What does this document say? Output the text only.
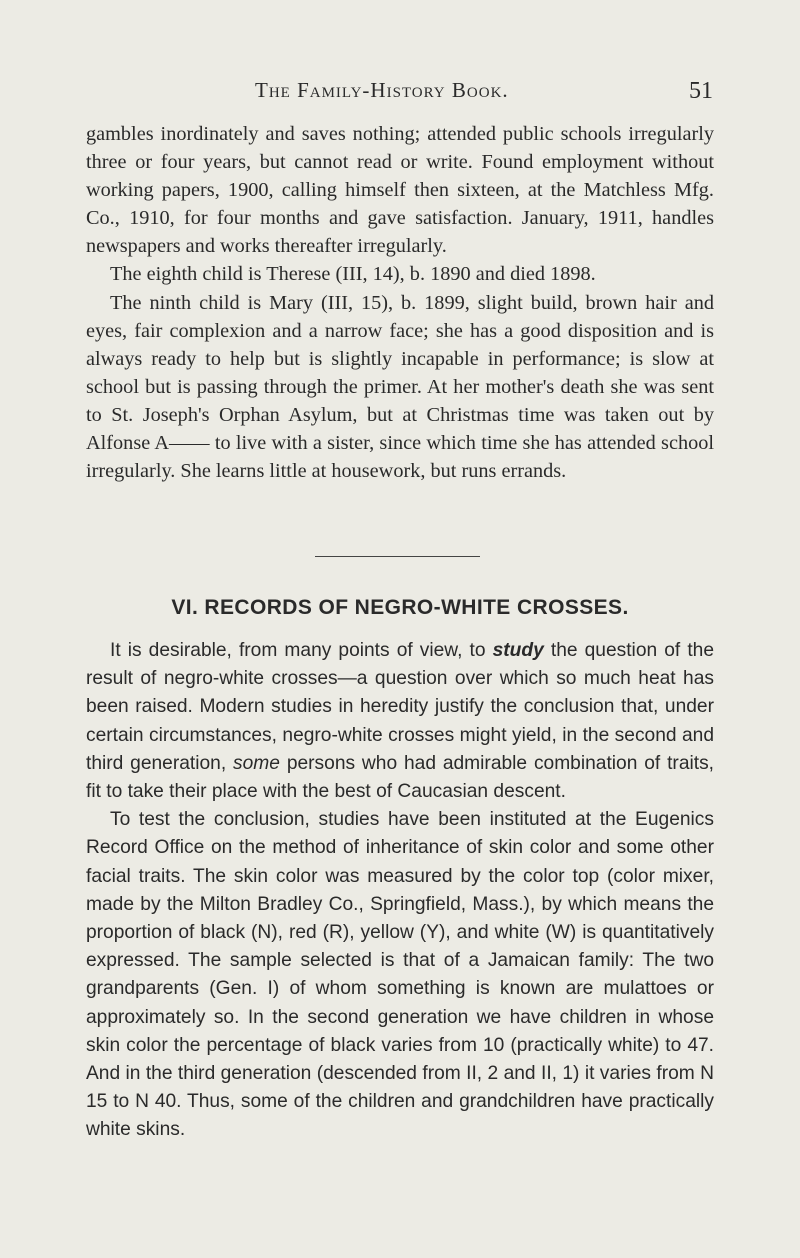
The Family-History Book.	51

gambles inordinately and saves nothing; attended public schools irregularly three or four years, but cannot read or write. Found employment without working papers, 1900, calling himself then sixteen, at the Matchless Mfg. Co., 1910, for four months and gave satisfaction. January, 1911, handles newspapers and works thereafter irregularly.

The eighth child is Therese (III, 14), b. 1890 and died 1898.

The ninth child is Mary (III, 15), b. 1899, slight build, brown hair and eyes, fair complexion and a narrow face; she has a good disposition and is always ready to help but is slightly incapable in performance; is slow at school but is passing through the primer. At her mother's death she was sent to St. Joseph's Orphan Asylum, but at Christmas time was taken out by Alfonse A—— to live with a sister, since which time she has attended school irregularly. She learns little at housework, but runs errands.

VI. RECORDS OF NEGRO-WHITE CROSSES.

It is desirable, from many points of view, to study the question of the result of negro-white crosses—a question over which so much heat has been raised. Modern studies in heredity justify the conclusion that, under certain circumstances, negro-white crosses might yield, in the second and third generation, some persons who had admirable combination of traits, fit to take their place with the best of Caucasian descent.

To test the conclusion, studies have been instituted at the Eugenics Record Office on the method of inheritance of skin color and some other facial traits. The skin color was measured by the color top (color mixer, made by the Milton Bradley Co., Springfield, Mass.), by which means the proportion of black (N), red (R), yellow (Y), and white (W) is quantitatively expressed. The sample selected is that of a Jamaican family: The two grandparents (Gen. I) of whom something is known are mulattoes or approximately so. In the second generation we have children in whose skin color the percentage of black varies from 10 (practically white) to 47. And in the third generation (descended from II, 2 and II, 1) it varies from N 15 to N 40. Thus, some of the children and grandchildren have practically white skins.
